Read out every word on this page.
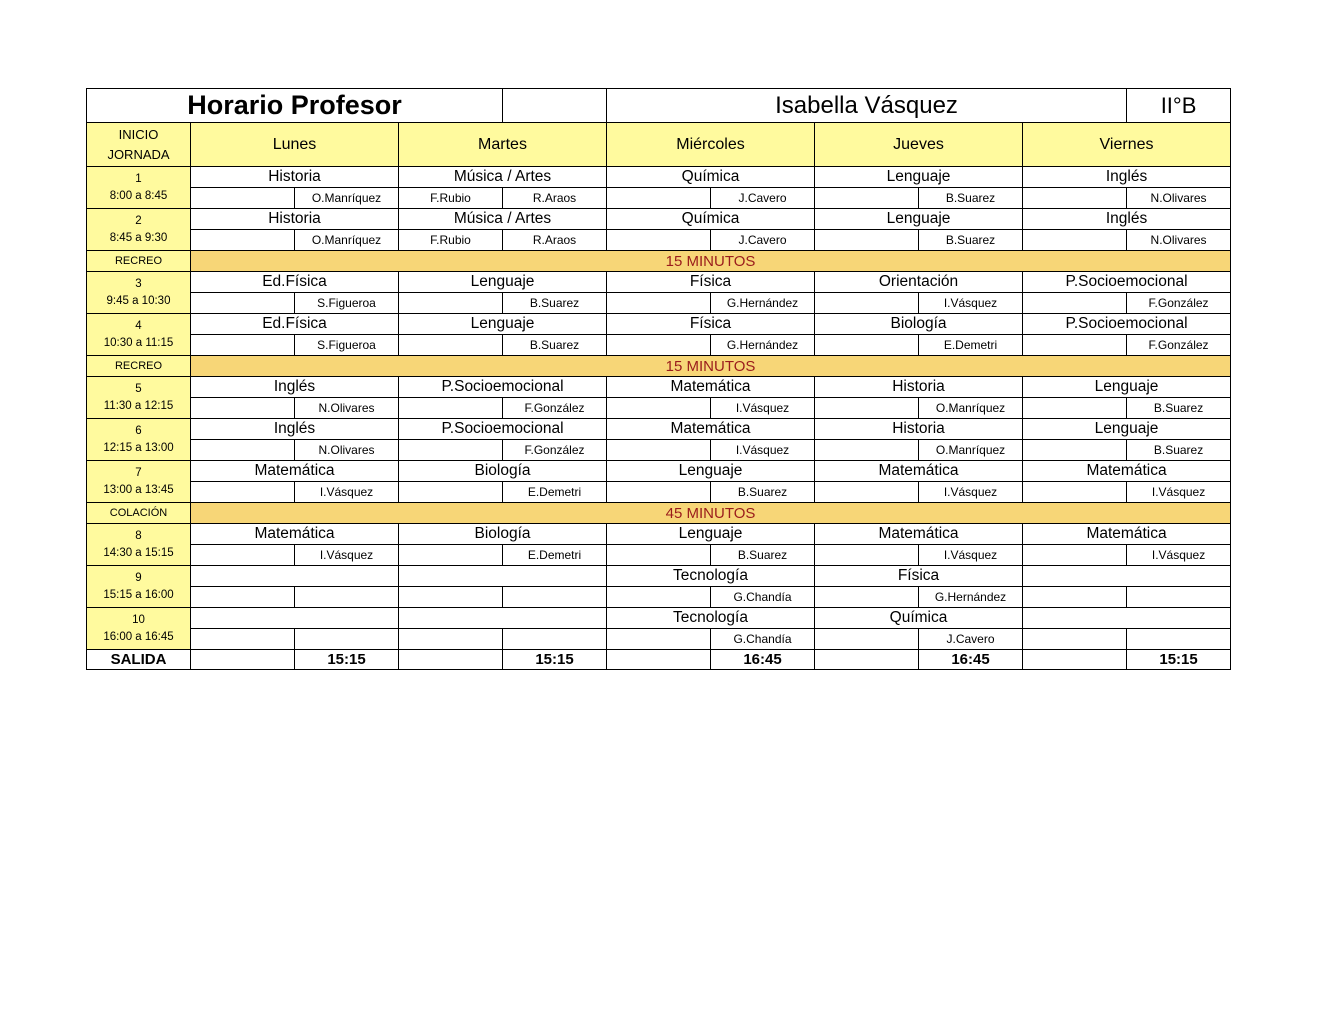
Horario Profesor					Isabella Vásquez					II°B

INICIO
JORNADA	Lunes		Martes		Miércoles		Jueves		Viernes	

1
8:00 a 8:45	Historia		Música / Artes		Química		Lenguaje		Inglés	
		O.Manríquez	F.Rubio	R.Araos		J.Cavero		B.Suarez		N.Olivares

2
8:45 a 9:30	Historia		Música / Artes		Química		Lenguaje		Inglés	
		O.Manríquez	F.Rubio	R.Araos		J.Cavero		B.Suarez		N.Olivares
RECREO	15 MINUTOS									

3
9:45 a 10:30	Ed.Física		Lenguaje		Física		Orientación		P.Socioemocional	
		S.Figueroa		B.Suarez		G.Hernández		I.Vásquez		F.González

4
10:30 a 11:15	Ed.Física		Lenguaje		Física		Biología		P.Socioemocional	
		S.Figueroa		B.Suarez		G.Hernández		E.Demetri		F.González
RECREO	15 MINUTOS									

5
11:30 a 12:15	Inglés		P.Socioemocional		Matemática		Historia		Lenguaje	
		N.Olivares		F.González		I.Vásquez		O.Manríquez		B.Suarez

6
12:15 a 13:00	Inglés		P.Socioemocional		Matemática		Historia		Lenguaje	
		N.Olivares		F.González		I.Vásquez		O.Manríquez		B.Suarez

7
13:00 a 13:45	Matemática		Biología		Lenguaje		Matemática		Matemática	
		I.Vásquez		E.Demetri		B.Suarez		I.Vásquez		I.Vásquez
COLACIÓN	45 MINUTOS									

8
14:30 a 15:15	Matemática		Biología		Lenguaje		Matemática		Matemática	
		I.Vásquez		E.Demetri		B.Suarez		I.Vásquez		I.Vásquez

9
15:15 a 16:00					Tecnología		Física			
						G.Chandía		G.Hernández		

10
16:00 a 16:45					Tecnología		Química			
						G.Chandía		J.Cavero		
SALIDA		15:15		15:15		16:45		16:45		15:15
